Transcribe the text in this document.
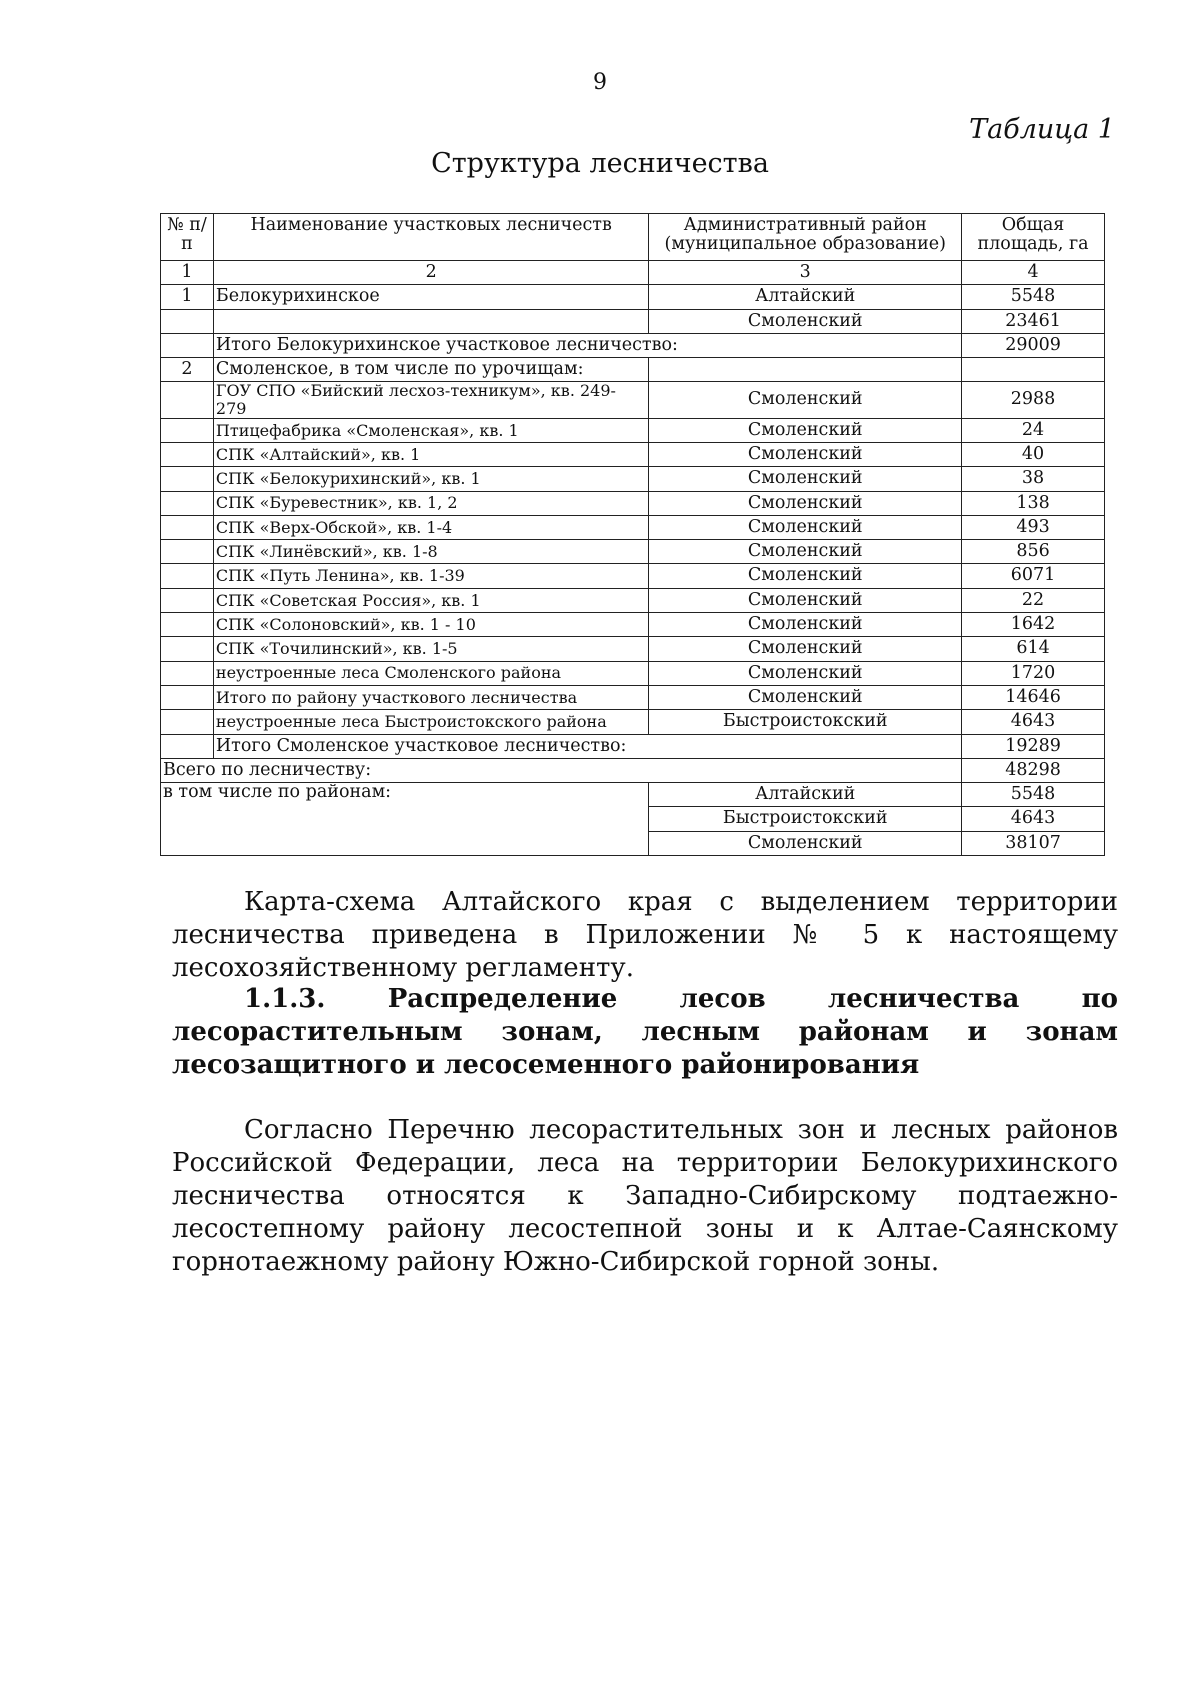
9
Таблица 1
Структура лесничества
№ п/п	Наименование участковых лесничеств	Административный район (муниципальное образование)	Общая площадь, га
1	2	3	4
1	Белокурихинское	Алтайский	5548
		Смоленский	23461
	Итого Белокурихинское участковое лесничество:		29009
2	Смоленское, в том числе по урочищам:		
	ГОУ СПО «Бийский лесхоз-техникум», кв. 249-279	Смоленский	2988
	Птицефабрика «Смоленская», кв. 1	Смоленский	24
	СПК «Алтайский», кв. 1	Смоленский	40
	СПК «Белокурихинский», кв. 1	Смоленский	38
	СПК «Буревестник», кв. 1, 2	Смоленский	138
	СПК «Верх-Обской», кв. 1-4	Смоленский	493
	СПК «Линёвский», кв. 1-8	Смоленский	856
	СПК «Путь Ленина», кв. 1-39	Смоленский	6071
	СПК «Советская Россия», кв. 1	Смоленский	22
	СПК «Солоновский», кв. 1 - 10	Смоленский	1642
	СПК «Точилинский», кв. 1-5	Смоленский	614
	неустроенные леса Смоленского района	Смоленский	1720
	Итого по району участкового лесничества	Смоленский	14646
	неустроенные леса Быстроистокского района	Быстроистокский	4643
	Итого Смоленское участковое лесничество:		19289
Всего по лесничеству:			48298
в том числе по районам:		Алтайский	5548
		Быстроистокский	4643
		Смоленский	38107
Карта-схема Алтайского края с выделением территории лесничества приведена в Приложении № 5 к настоящему лесохозяйственному регламенту.
1.1.3. Распределение лесов лесничества по лесорастительным зонам, лесным районам и зонам лесозащитного и лесосеменного районирования
Согласно Перечню лесорастительных зон и лесных районов Российской Федерации, леса на территории Белокурихинского лесничества относятся к Западно-Сибирскому подтаежно-лесостепному району лесостепной зоны и к Алтае-Саянскому горнотаежному району Южно-Сибирской горной зоны.
